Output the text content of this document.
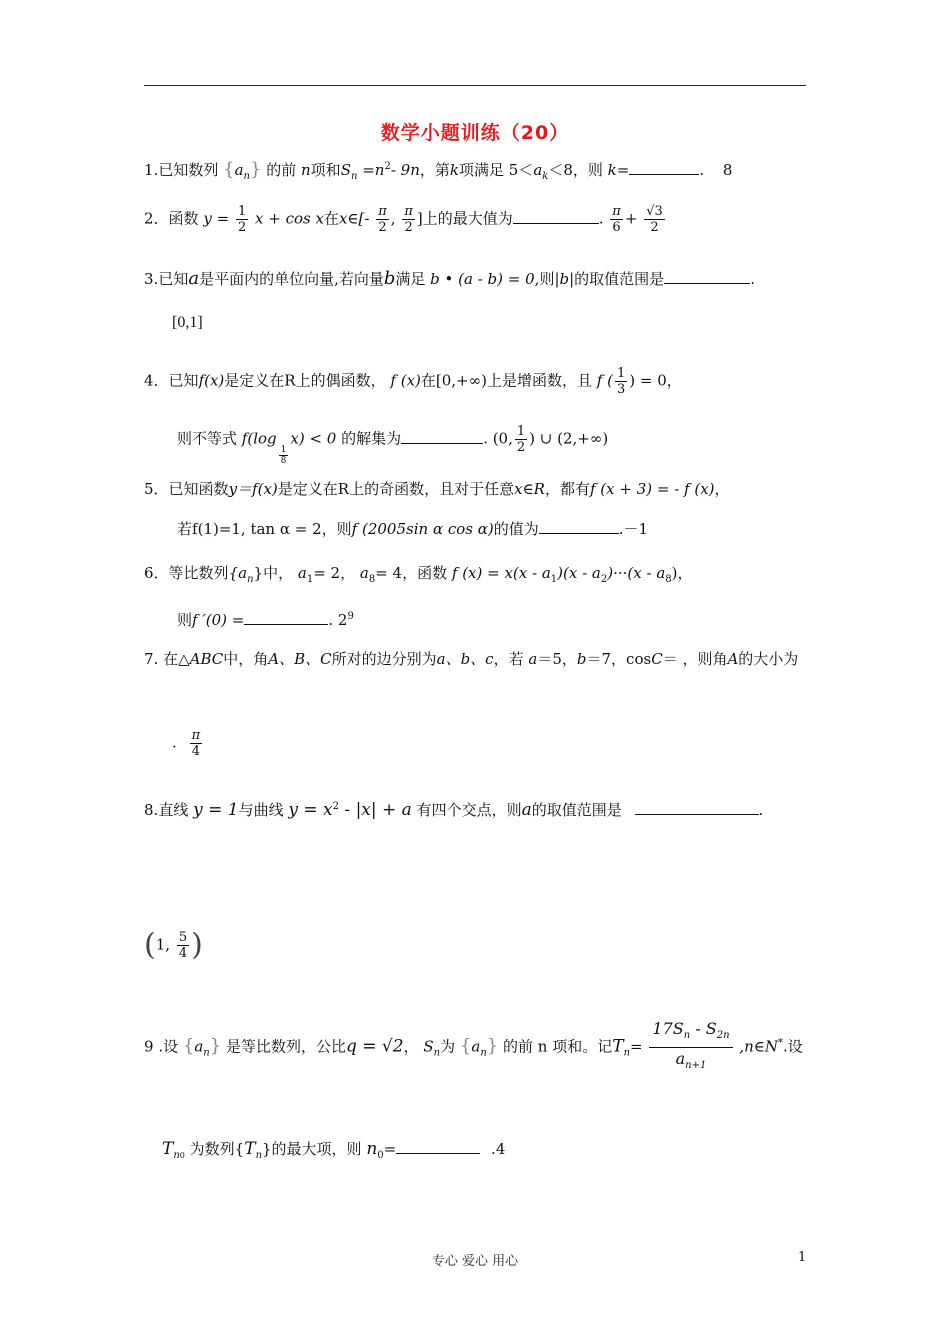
数学小题训练（20）
1.已知数列 $\{a_n\}$ 的前 n项和$S_n =n^2-$ 9n，第k项满足 $5<a_k<8$，则 k=	. 8
2．函数 $y = \frac{1}{2}$ x + cos x在x∈[- $\frac{\pi}{2}$ , $\frac{\pi}{2}$ ]上的最大值为	. $\frac{\pi}{6} + \frac{√3}{2}$
3.已知a是平面内的单位向量,若向量b满足 b • (a - b) = 0,则|b|的取值范围是	.
[0,1]
4．已知f(x)是定义在R上的偶函数， f (x)在[0,+∞)上是增函数，且 f ( $\frac{1}{3}$ ) = 0，
则不等式 f(log
$\frac{1}{8}$
x) < 0 的解集为	. (0, $\frac{1}{2}$ ) ∪ (2,+∞)
5．已知函数y＝f(x)是定义在R上的奇函数，且对于任意x∈R，都有f (x + 3) = - f (x)，
若f(1)=1, tan α = 2，则f (2005sin α cos α)的值为	.－1
6．等比数列$\{a_n\}$中， $a_1= 2$， $a_8= 4$，函数 f $(x) = x(x - a_1)(x - a_2)\cdot\cdot\cdot(x - a_8)$，
则f ′(0) =	. $2^9$
7. 在△ABC中，角A、B、C所对的边分别为a、b、c，若 a＝5，b＝7，cosC＝ ，则角A的大小为
. $\frac{\pi}{4}$
8.直线 y = 1与曲线 $y = x^2 - |x| + a$ 有四个交点，则a的取值范围是	.
(1, $\frac{5}{4}$ )
9 .设 $\{a_n\}$ 是等比数列，公比q = √2， $S_n$为 $\{a_n\}$ 的前 n 项和。记$T_n= \frac{17S_n - S_{2n}}{a_{n+1}}$ ,n∈N*.设
$T_{n0}$ 为数列$\{T_n\}$的最大项，则 $n_0=$	.4
专心 爱心 用心	1
